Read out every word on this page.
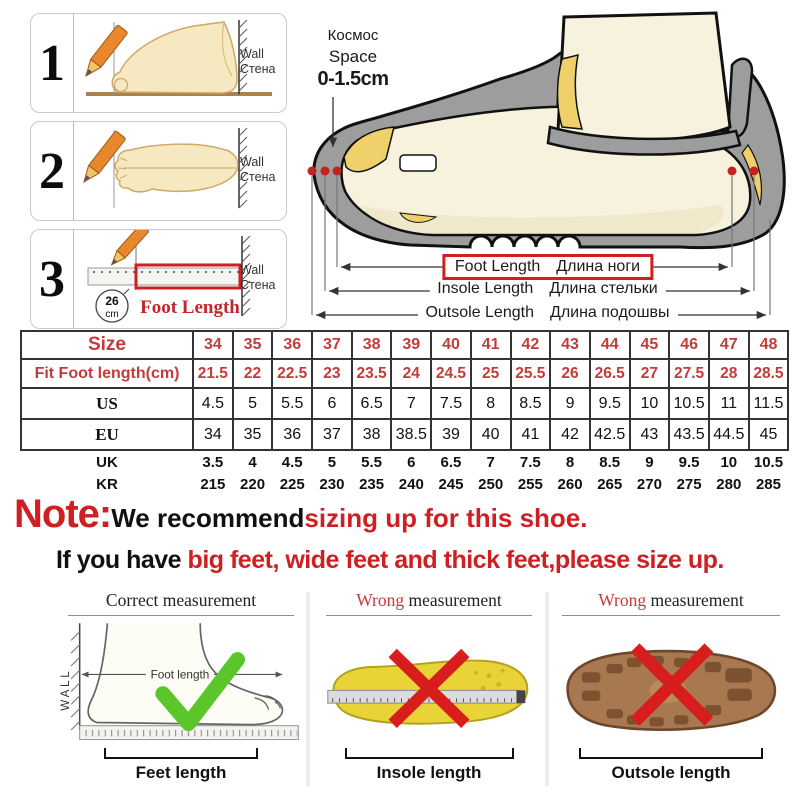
1	Wall
Стена
2	Wall
Стена
3	26
cm Foot Length
Wall
Стена
Космос
Space
0-1.5cm
Foot Length Длина ноги
Insole Length Длина стельки
Outsole Length Длина подошвы
Size	34	35	36	37	38	39	40	41	42	43	44	45	46	47	48
Fit Foot length(cm)	21.5	22	22.5	23	23.5	24	24.5	25	25.5	26	26.5	27	27.5	28	28.5
US	4.5	5	5.5	6	6.5	7	7.5	8	8.5	9	9.5	10	10.5	11	11.5
EU	34	35	36	37	38	38.5	39	40	41	42	42.5	43	43.5	44.5	45
UK	3.5	4	4.5	5	5.5	6	6.5	7	7.5	8	8.5	9	9.5	10	10.5
KR	215	220	225	230	235	240	245	250	255	260	265	270	275	280	285
Note: We recommend sizing up for this shoe.
If you have big feet, wide feet and thick feet,please size up.
Correct measurement
WALL	Foot length
Feet length
Wrong measurement
Insole length
Wrong measurement
Outsole length
